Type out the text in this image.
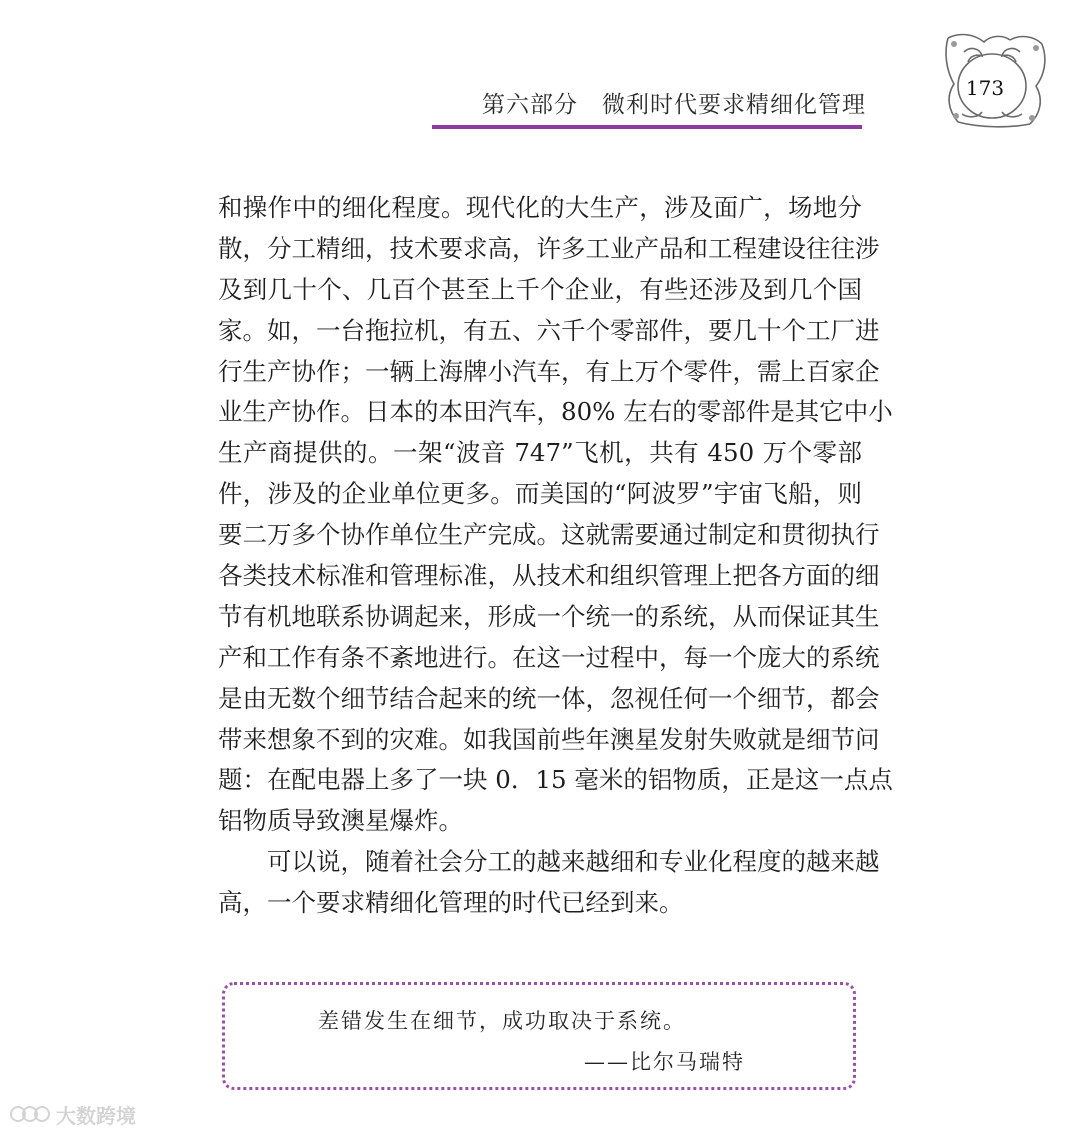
第六部分　微利时代要求精细化管理
173
和操作中的细化程度。现代化的大生产，涉及面广，场地分
散，分工精细，技术要求高，许多工业产品和工程建设往往涉
及到几十个、几百个甚至上千个企业，有些还涉及到几个国
家。如，一台拖拉机，有五、六千个零部件，要几十个工厂进
行生产协作；一辆上海牌小汽车，有上万个零件，需上百家企
业生产协作。日本的本田汽车，80% 左右的零部件是其它中小
生产商提供的。一架“波音 747”飞机，共有 450 万个零部
件，涉及的企业单位更多。而美国的“阿波罗”宇宙飞船，则
要二万多个协作单位生产完成。这就需要通过制定和贯彻执行
各类技术标准和管理标准，从技术和组织管理上把各方面的细
节有机地联系协调起来，形成一个统一的系统，从而保证其生
产和工作有条不紊地进行。在这一过程中，每一个庞大的系统
是由无数个细节结合起来的统一体，忽视任何一个细节，都会
带来想象不到的灾难。如我国前些年澳星发射失败就是细节问
题：在配电器上多了一块 0．15 毫米的铝物质，正是这一点点
铝物质导致澳星爆炸。
可以说，随着社会分工的越来越细和专业化程度的越来越
高，一个要求精细化管理的时代已经到来。
差错发生在细节，成功取决于系统。
——比尔马瑞特
大数跨境
